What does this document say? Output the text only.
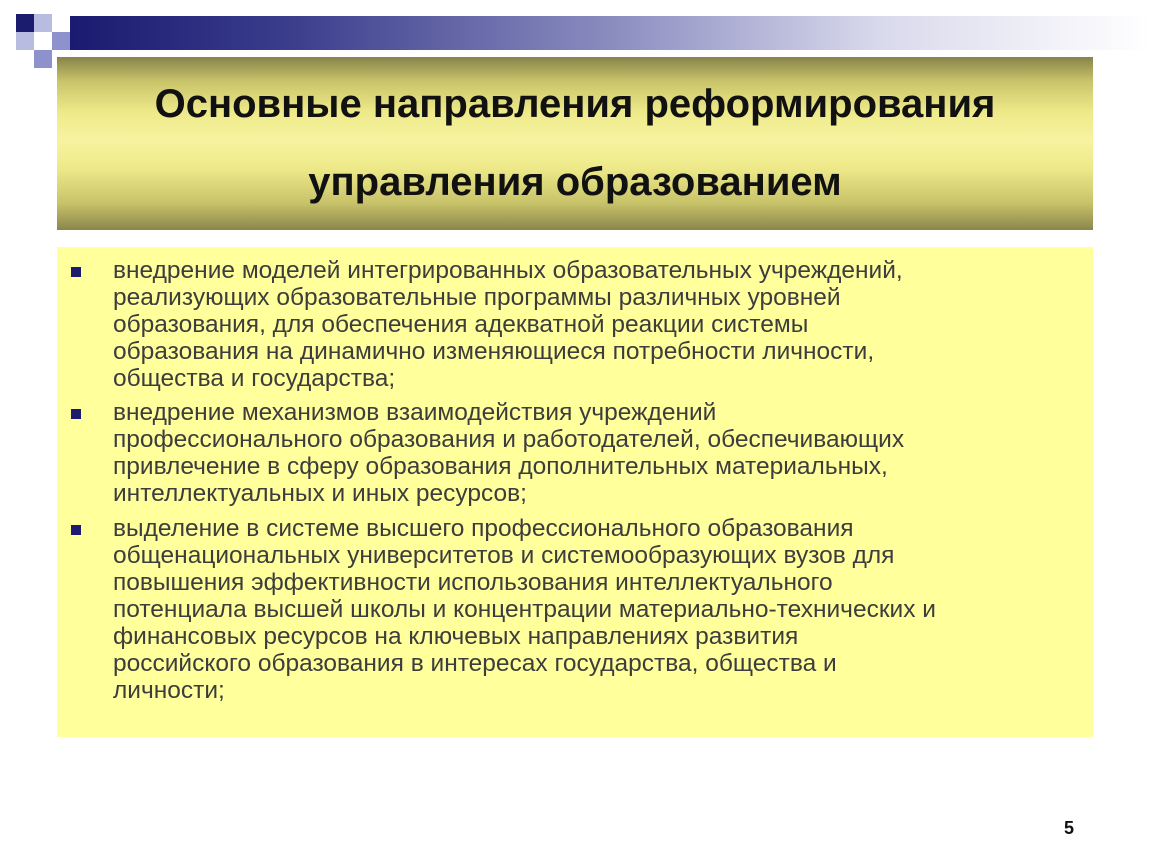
Основные направления реформирования
управления образованием
внедрение моделей интегрированных образовательных учреждений,
реализующих образовательные программы различных уровней
образования, для обеспечения адекватной реакции системы
образования на динамично изменяющиеся потребности личности,
общества и государства;
внедрение механизмов взаимодействия учреждений
профессионального образования и работодателей, обеспечивающих
привлечение в сферу образования дополнительных материальных,
интеллектуальных и иных ресурсов;
выделение в системе высшего профессионального образования
общенациональных университетов и системообразующих вузов для
повышения эффективности использования интеллектуального
потенциала высшей школы и концентрации материально-технических и
финансовых ресурсов на ключевых направлениях развития
российского образования в интересах государства, общества и
личности;
5
